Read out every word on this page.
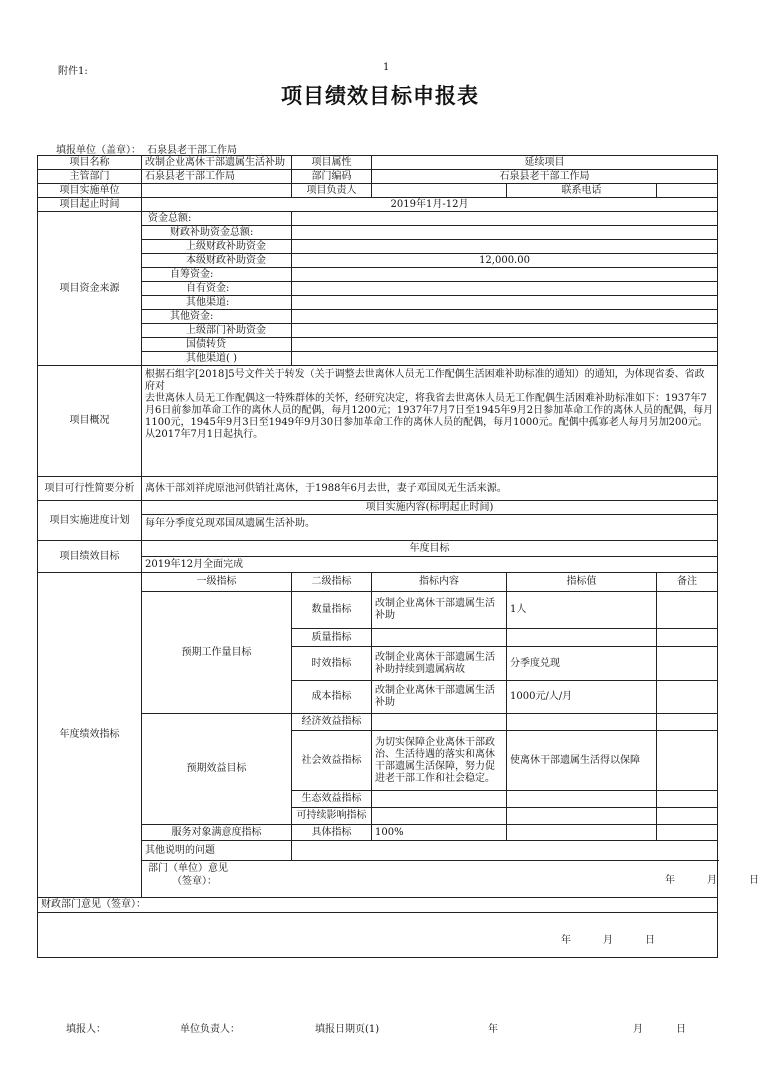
附件1:	1
项目绩效目标申报表
填报单位（盖章）： 石泉县老干部工作局
项目名称	改制企业离休干部遗属生活补助	项目属性	延续项目		
主管部门	石泉县老干部工作局	部门编码	石泉县老干部工作局		
项目实施单位		项目负责人		联系电话	
项目起止时间	2019年1月-12月				
项目资金来源	资金总额:				
	财政补助资金总额:				
	上级财政补助资金				
	本级财政补助资金	12,000.00			
	自筹资金:				
	自有资金:				
	其他渠道:				
	其他资金:				
	上级部门补助资金				
	国债转贷				
	其他渠道( )				
项目概况	根据石组字[2018]5号文件关于转发（关于调整去世离休人员无工作配偶生活困难补助标准的通知）的通知，为体现省委、省政府对
去世离休人员无工作配偶这一特殊群体的关怀，经研究决定，将我省去世离休人员无工作配偶生活困难补助标准如下：1937年7月6日前参加革命工作的离休人员的配偶，每月1200元；1937年7月7日至1945年9月2日参加革命工作的离休人员的配偶，每月1100元，1945年9月3日至1949年9月30日参加革命工作的离休人员的配偶，每月1000元。配偶中孤寡老人每月另加200元。从2017年7月1日起执行。				
项目可行性简要分析	离休干部刘祥虎原池河供销社离休，于1988年6月去世，妻子邓国凤无生活来源。				
项目实施进度计划	项目实施内容(标明起止时间)				
	每年分季度兑现邓国凤遗属生活补助。				
项目绩效目标	年度目标				
	2019年12月全面完成				
年度绩效指标	一级指标	二级指标	指标内容	指标值	备注
	预期工作量目标	数量指标	改制企业离休干部遗属生活补助	1人	
		质量指标			
		时效指标	改制企业离休干部遗属生活补助持续到遗属病故	分季度兑现	
		成本指标	改制企业离休干部遗属生活补助	1000元/人/月	
	预期效益目标	经济效益指标			
		社会效益指标	为切实保障企业离休干部政治、生活待遇的落实和离休干部遗属生活保障，努力促进老干部工作和社会稳定。	使离休干部遗属生活得以保障	
		生态效益指标			
		可持续影响指标			
	服务对象满意度指标	具体指标	100%		
	其他说明的问题				

	部门（单位）意见
（签章）： 年 月 日				

财政部门意见（签章）：					

年 月 日					
填报人：	单位负责人：	填报日期页(1)	年	月	日
